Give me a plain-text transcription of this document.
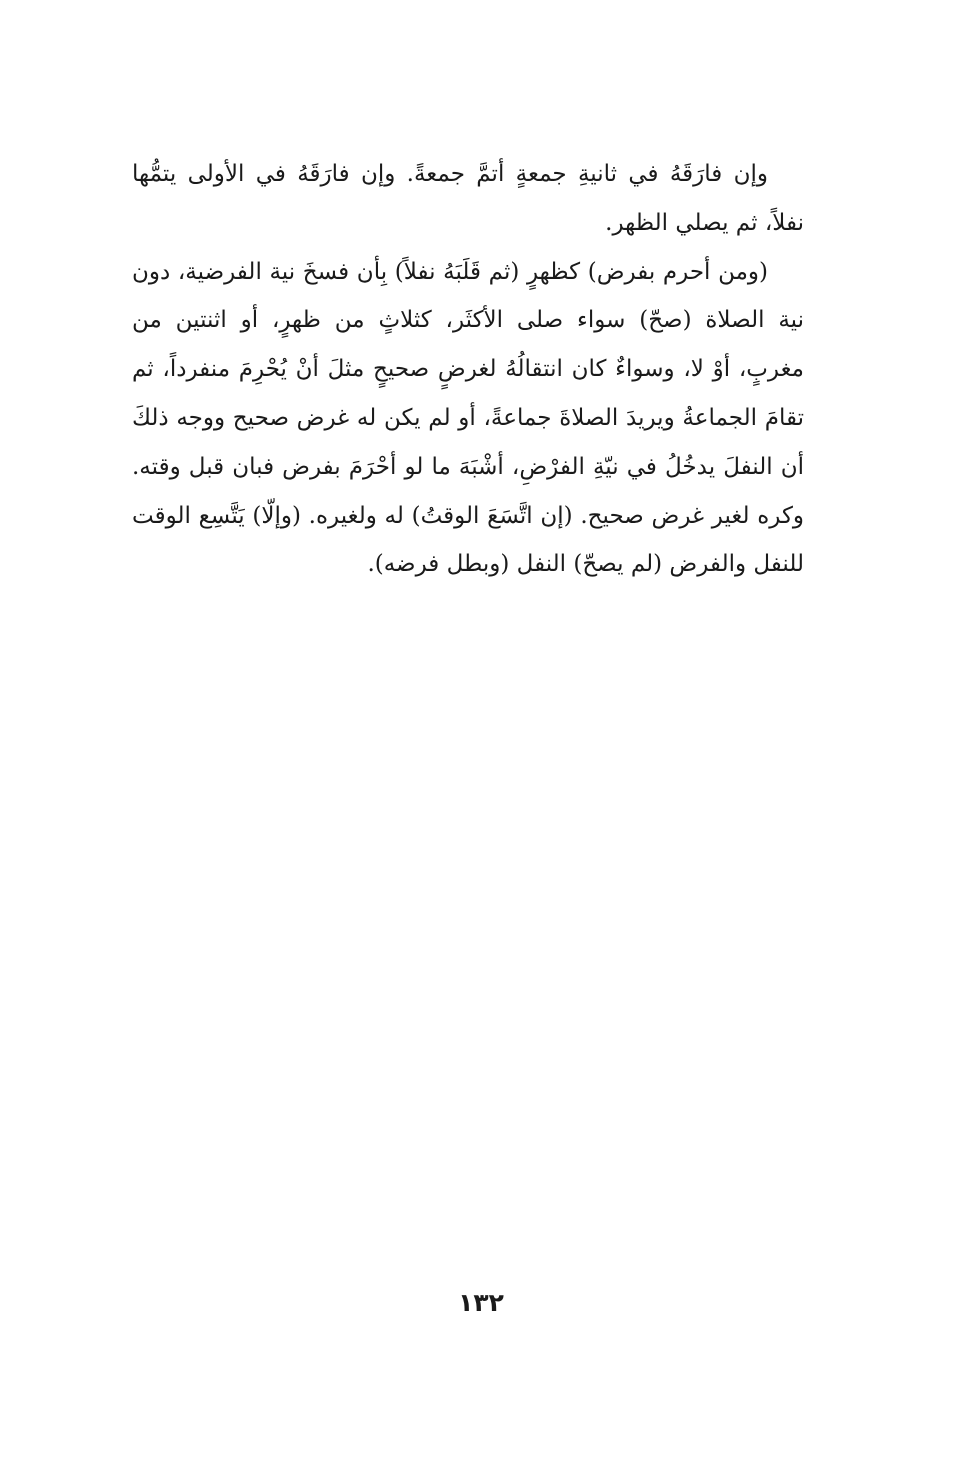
وإن فارَقَهُ في ثانيةِ جمعةٍ أتمَّ جمعةً. وإن فارَقَهُ في الأولى يتمُّها نفلاً، ثم يصلي الظهر.

(ومن أحرم بفرض) كظهرٍ (ثم قَلَبَهُ نفلاً) بِأن فسخَ نية الفرضية، دون نية الصلاة (صحّ) سواء صلى الأكثَر، كثلاثٍ من ظهرٍ، أو اثنتين من مغربٍ، أوْ لا، وسواءٌ كان انتقالُهُ لغرضٍ صحيحٍ مثلَ أنْ يُحْرِمَ منفرداً، ثم تقامَ الجماعةُ ويريدَ الصلاةَ جماعةً، أو لم يكن له غرض صحيح ووجه ذلكَ أن النفلَ يدخُلُ في نيّةِ الفرْضِ، أشْبَهَ ما لو أحْرَمَ بفرض فبان قبل وقته. وكره لغير غرض صحيح. (إن اتَّسَعَ الوقتُ) له ولغيره. (وإلّا) يَتَّسِع الوقت للنفل والفرض (لم يصحّ) النفل (وبطل فرضه).

١٣٢
